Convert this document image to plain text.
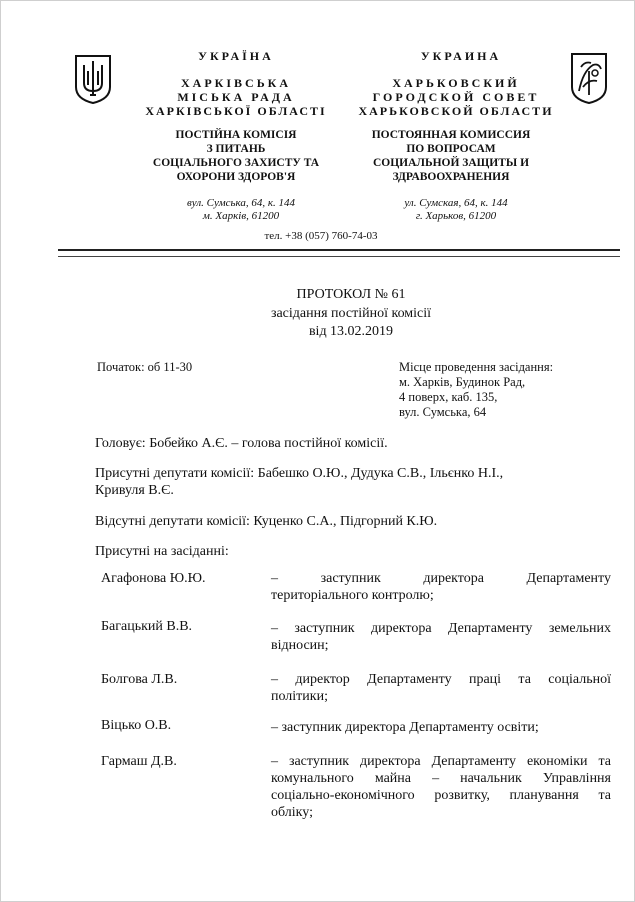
УКРАЇНА
ХАРКІВСЬКА
МІСЬКА РАДА
ХАРКІВСЬКОЇ ОБЛАСТІ
ПОСТІЙНА КОМІСІЯ
З ПИТАНЬ
СОЦІАЛЬНОГО ЗАХИСТУ ТА
ОХОРОНИ ЗДОРОВ'Я
вул. Сумська, 64, к. 144
м. Харків, 61200
УКРАИНА
ХАРЬКОВСКИЙ
ГОРОДСКОЙ СОВЕТ
ХАРЬКОВСКОЙ ОБЛАСТИ
ПОСТОЯННАЯ КОМИССИЯ
ПО ВОПРОСАМ
СОЦИАЛЬНОЙ ЗАЩИТЫ И
ЗДРАВООХРАНЕНИЯ
ул. Сумская, 64, к. 144
г. Харьков, 61200
тел. +38 (057) 760-74-03
ПРОТОКОЛ № 61
засідання постійної комісії
від 13.02.2019
Початок: об 11-30	Місце проведення засідання:
м. Харків, Будинок Рад,
4 поверх, каб. 135,
вул. Сумська, 64
Головує: Бобейко А.Є. – голова постійної комісії.
Присутні депутати комісії: Бабешко О.Ю., Дудука С.В., Ільєнко Н.І.,
Кривуля В.Є.
Відсутні депутати комісії: Куценко С.А., Підгорний К.Ю.
Присутні на засіданні:
Агафонова Ю.Ю.	– заступник директора Департаменту
територіального контролю;
Багацький В.В.	– заступник директора Департаменту земельних
відносин;
Болгова Л.В.	– директор Департаменту праці та соціальної
політики;
Віцько О.В.	– заступник директора Департаменту освіти;
Гармаш Д.В.	– заступник директора Департаменту економіки та
комунального майна – начальник Управління
соціально-економічного розвитку, планування та
обліку;
